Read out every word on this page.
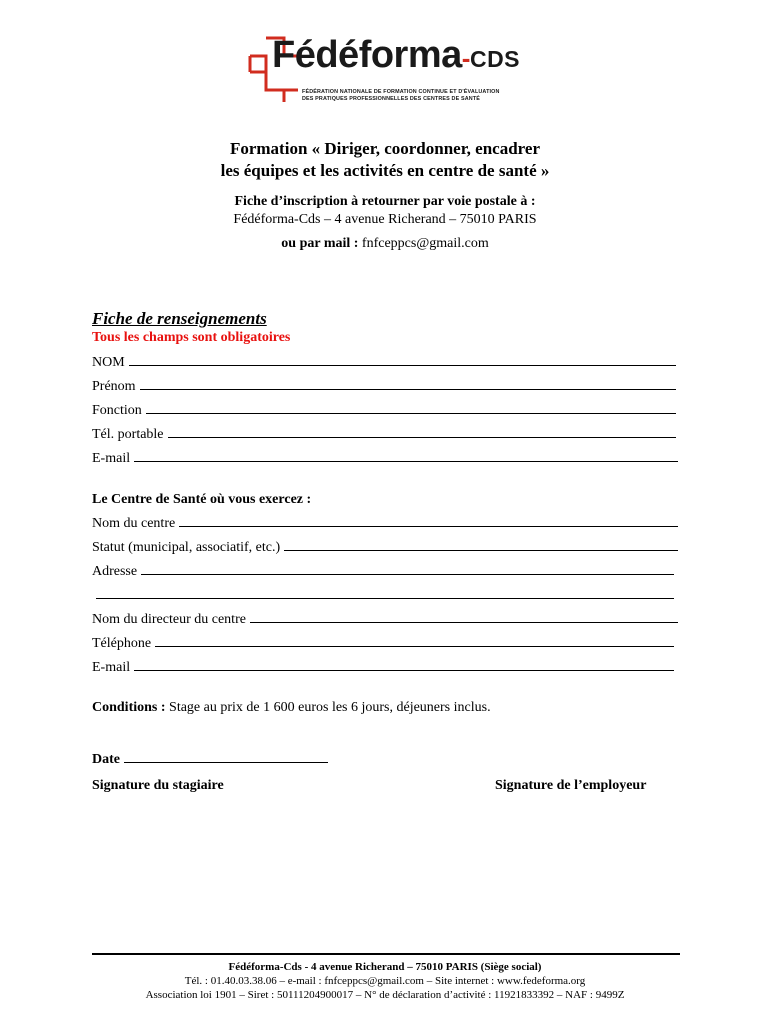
Fédéforma-CDS
FÉDÉRATION NATIONALE DE FORMATION CONTINUE ET D'ÉVALUATION
DES PRATIQUES PROFESSIONNELLES DES CENTRES DE SANTÉ
Formation « Diriger, coordonner, encadrer
les équipes et les activités en centre de santé »
Fiche d’inscription à retourner par voie postale à :
Fédéforma-Cds – 4 avenue Richerand – 75010 PARIS
ou par mail : fnfceppcs@gmail.com
Fiche de renseignements
Tous les champs sont obligatoires
NOM
Prénom
Fonction
Tél. portable
E-mail
Le Centre de Santé où vous exercez :
Nom du centre
Statut (municipal, associatif, etc.)
Adresse
Nom du directeur du centre
Téléphone
E-mail
Conditions : Stage au prix de 1 600 euros les 6 jours, déjeuners inclus.
Date
Signature du stagiaire	Signature de l’employeur
Fédéforma-Cds - 4 avenue Richerand – 75010 PARIS (Siège social)
Tél. : 01.40.03.38.06 – e-mail : fnfceppcs@gmail.com – Site internet : www.fedeforma.org
Association loi 1901 – Siret : 50111204900017 – N° de déclaration d’activité : 11921833392 – NAF : 9499Z
